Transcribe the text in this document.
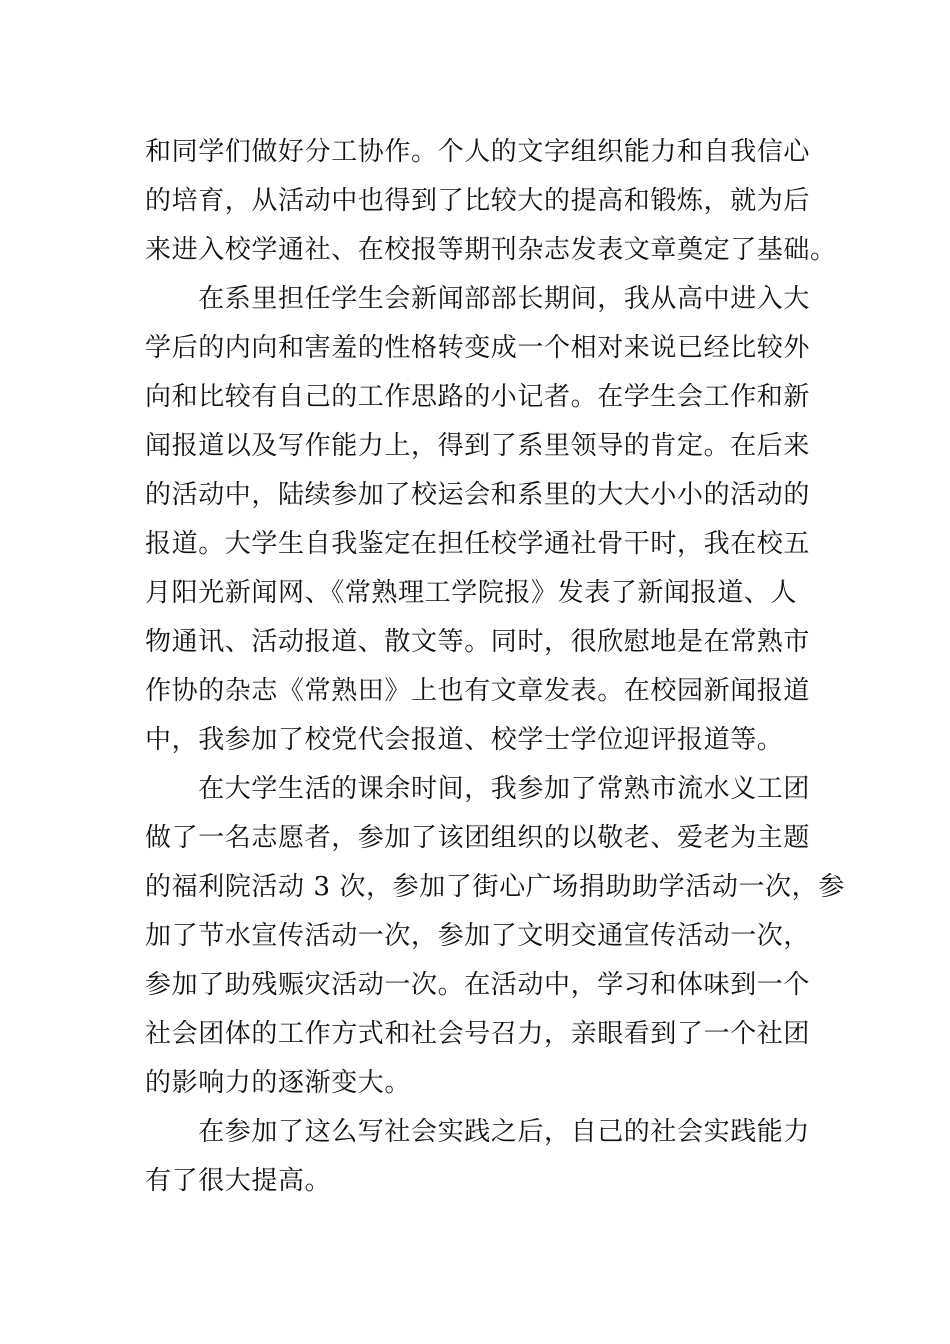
和同学们做好分工协作。个人的文字组织能力和自我信心
的培育，从活动中也得到了比较大的提高和锻炼，就为后
来进入校学通社、在校报等期刊杂志发表文章奠定了基础。
　　在系里担任学生会新闻部部长期间，我从高中进入大
学后的内向和害羞的性格转变成一个相对来说已经比较外
向和比较有自己的工作思路的小记者。在学生会工作和新
闻报道以及写作能力上，得到了系里领导的肯定。在后来
的活动中，陆续参加了校运会和系里的大大小小的活动的
报道。大学生自我鉴定在担任校学通社骨干时，我在校五
月阳光新闻网、《常熟理工学院报》发表了新闻报道、人
物通讯、活动报道、散文等。同时，很欣慰地是在常熟市
作协的杂志《常熟田》上也有文章发表。在校园新闻报道
中，我参加了校党代会报道、校学士学位迎评报道等。
　　在大学生活的课余时间，我参加了常熟市流水义工团
做了一名志愿者，参加了该团组织的以敬老、爱老为主题
的福利院活动 3 次，参加了街心广场捐助助学活动一次，参
加了节水宣传活动一次，参加了文明交通宣传活动一次，
参加了助残赈灾活动一次。在活动中，学习和体味到一个
社会团体的工作方式和社会号召力，亲眼看到了一个社团
的影响力的逐渐变大。
　　在参加了这么写社会实践之后，自己的社会实践能力
有了很大提高。
